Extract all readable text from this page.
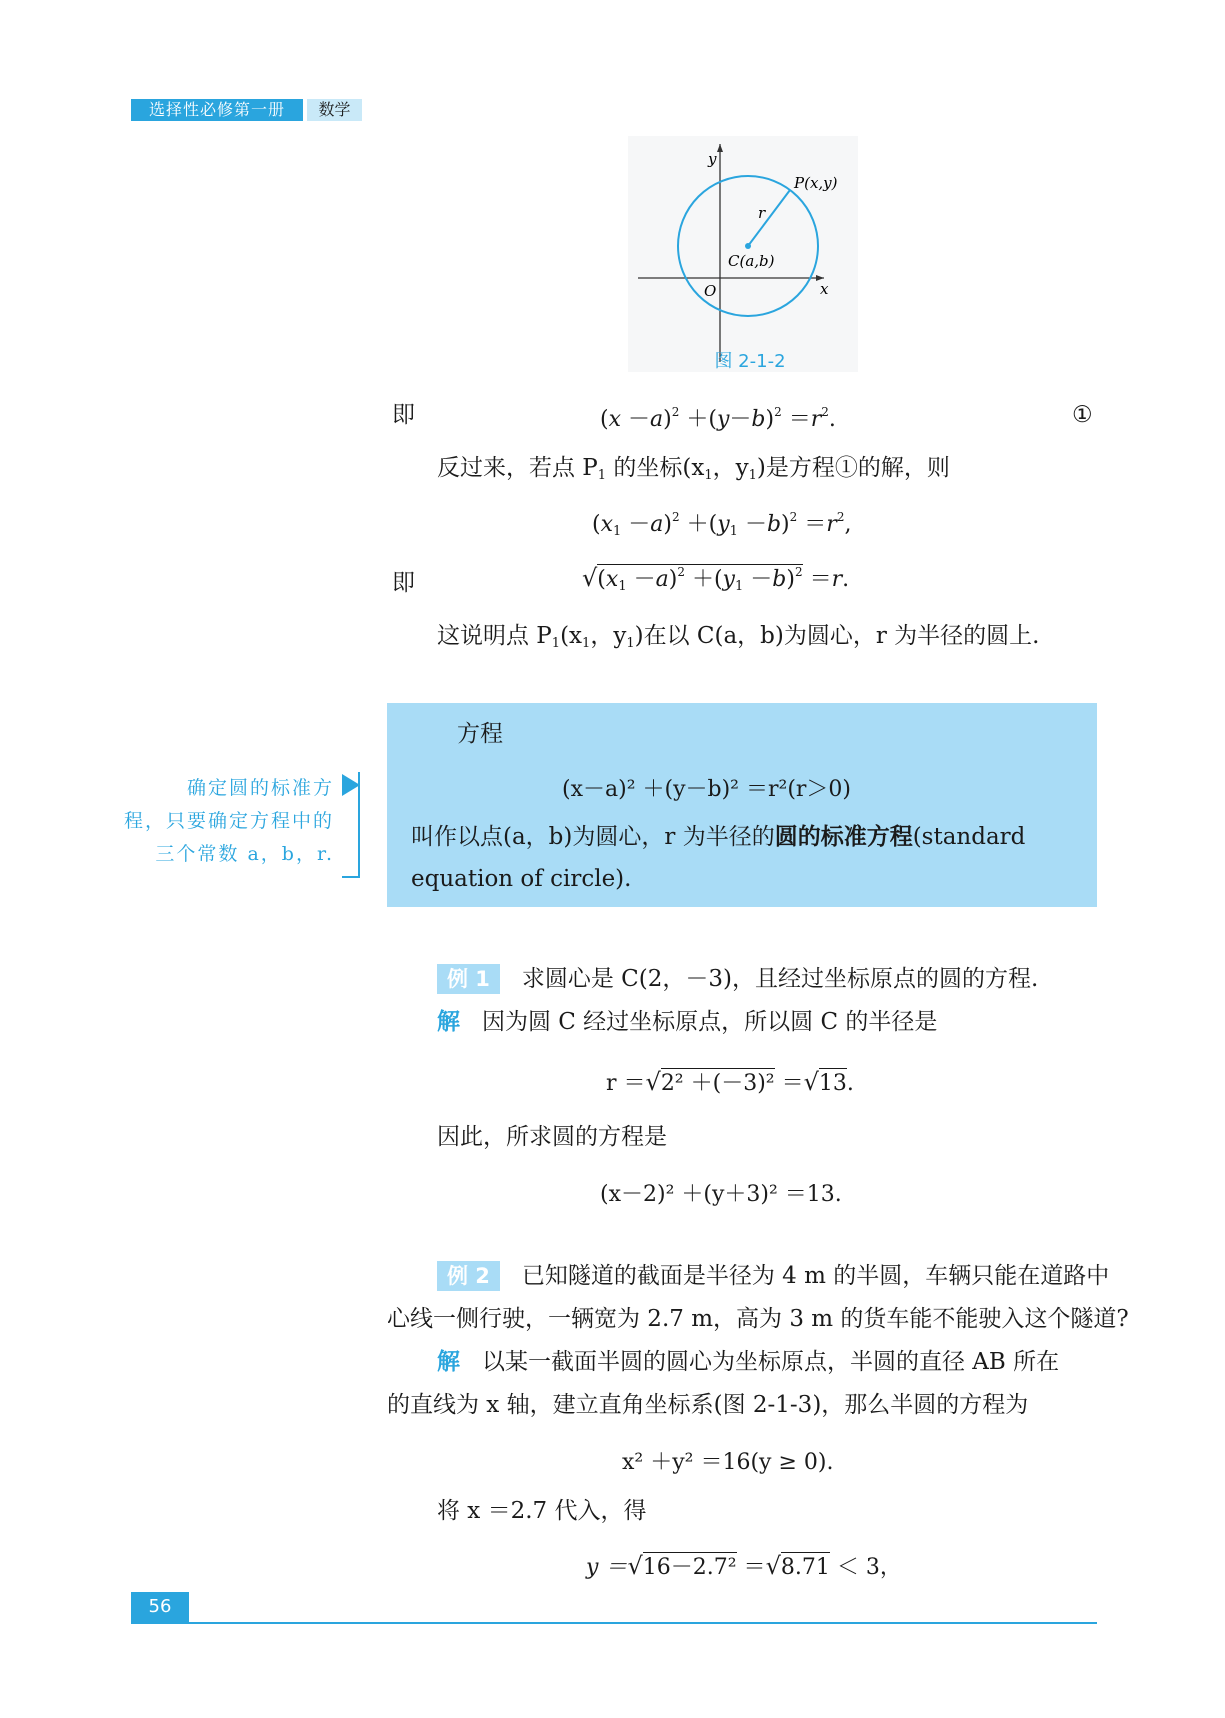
选择性必修第一册	数学
y
x
O
P(x,y)
r
C(a,b)
图 2-1-2
即	$(x -a)^2 +(y-b)^2 =r^2$.	①
反过来，若点 $P_1$ 的坐标($x_1$，$y_1$)是方程①的解，则
$(x_1 -a)^2 +(y_1 -b)^2 =r^2$,
即	$√(x_1 -a)^2 +(y_1 -b)^2 =r$.
这说明点 $P_1(x_1$，$y_1$)在以 C(a，b)为圆心，r 为半径的圆上.
方程
(x－a)² ＋(y－b)² ＝r²(r＞0)
叫作以点(a，b)为圆心，r 为半径的圆的标准方程(standard
equation of circle).
确定圆的标准方
程，只要确定方程中的
三个常数 a，b，r.
例 1 求圆心是 C(2，－3)，且经过坐标原点的圆的方程.
解 因为圆 C 经过坐标原点，所以圆 C 的半径是
r ＝√2² ＋(－3)² ＝√13.
因此，所求圆的方程是
(x－2)² ＋(y＋3)² ＝13.
例 2 已知隧道的截面是半径为 4 m 的半圆，车辆只能在道路中
心线一侧行驶，一辆宽为 2.7 m，高为 3 m 的货车能不能驶入这个隧道?
解 以某一截面半圆的圆心为坐标原点，半圆的直径 AB 所在
的直线为 x 轴，建立直角坐标系(图 2-1-3)，那么半圆的方程为
x² ＋y² ＝16(y ≥ 0).
将 x ＝2.7 代入，得
y ＝√16－2.7² ＝√8.71 ＜ 3，
56
